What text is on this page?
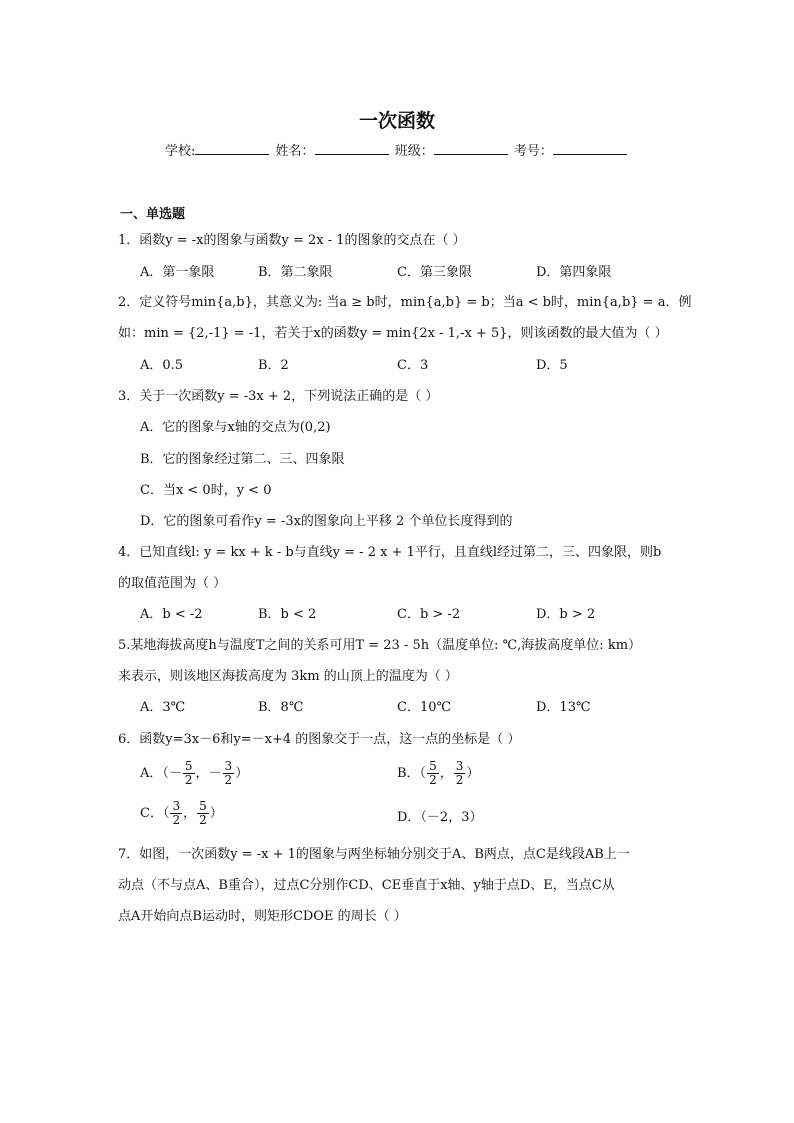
一次函数
学校:	姓名：	班级：	考号：
一、单选题
1．函数y = -x的图象与函数y = 2x - 1的图象的交点在（ ）
A．第一象限	B．第二象限	C．第三象限	D．第四象限
2．定义符号min{a,b}，其意义为: 当a ≥ b时，min{a,b} = b；当a < b时，min{a,b} = a．例
如：min = {2,-1} = -1，若关于x的函数y = min{2x - 1,-x + 5}，则该函数的最大值为（ ）
A．0.5	B．2	C．3	D．5
3．关于一次函数y = -3x + 2，下列说法正确的是（ ）
A．它的图象与x轴的交点为(0,2)
B．它的图象经过第二、三、四象限
C．当x < 0时，y < 0
D．它的图象可看作y = -3x的图象向上平移 2 个单位长度得到的
4．已知直线l: y = kx + k - b与直线y = - 2 x + 1平行，且直线l经过第二，三、四象限，则b
的取值范围为（ ）
A．b < -2	B．b < 2	C．b > -2	D．b > 2
5.某地海拔高度h与温度T之间的关系可用T = 23 - 5h（温度单位: ℃,海拔高度单位: km）
来表示，则该地区海拔高度为 3km 的山顶上的温度为（ ）
A．3℃	B．8℃	C．10℃	D．13℃
6．函数y=3x－6和y=－x+4 的图象交于一点，这一点的坐标是（ ）
A．（－ $\frac{5}{2}$ ，－ $\frac{3}{2}$ ）	B．（ $\frac{5}{2}$ ， $\frac{3}{2}$ ）
C．（ $\frac{3}{2}$ ， $\frac{5}{2}$ ）	D．（－2，3）
7．如图，一次函数y = -x + 1的图象与两坐标轴分别交于A、B两点，点C是线段AB上一
动点（不与点A、B重合），过点C分别作CD、CE垂直于x轴、y轴于点D、E，当点C从
点A开始向点B运动时，则矩形CDOE 的周长（ ）
